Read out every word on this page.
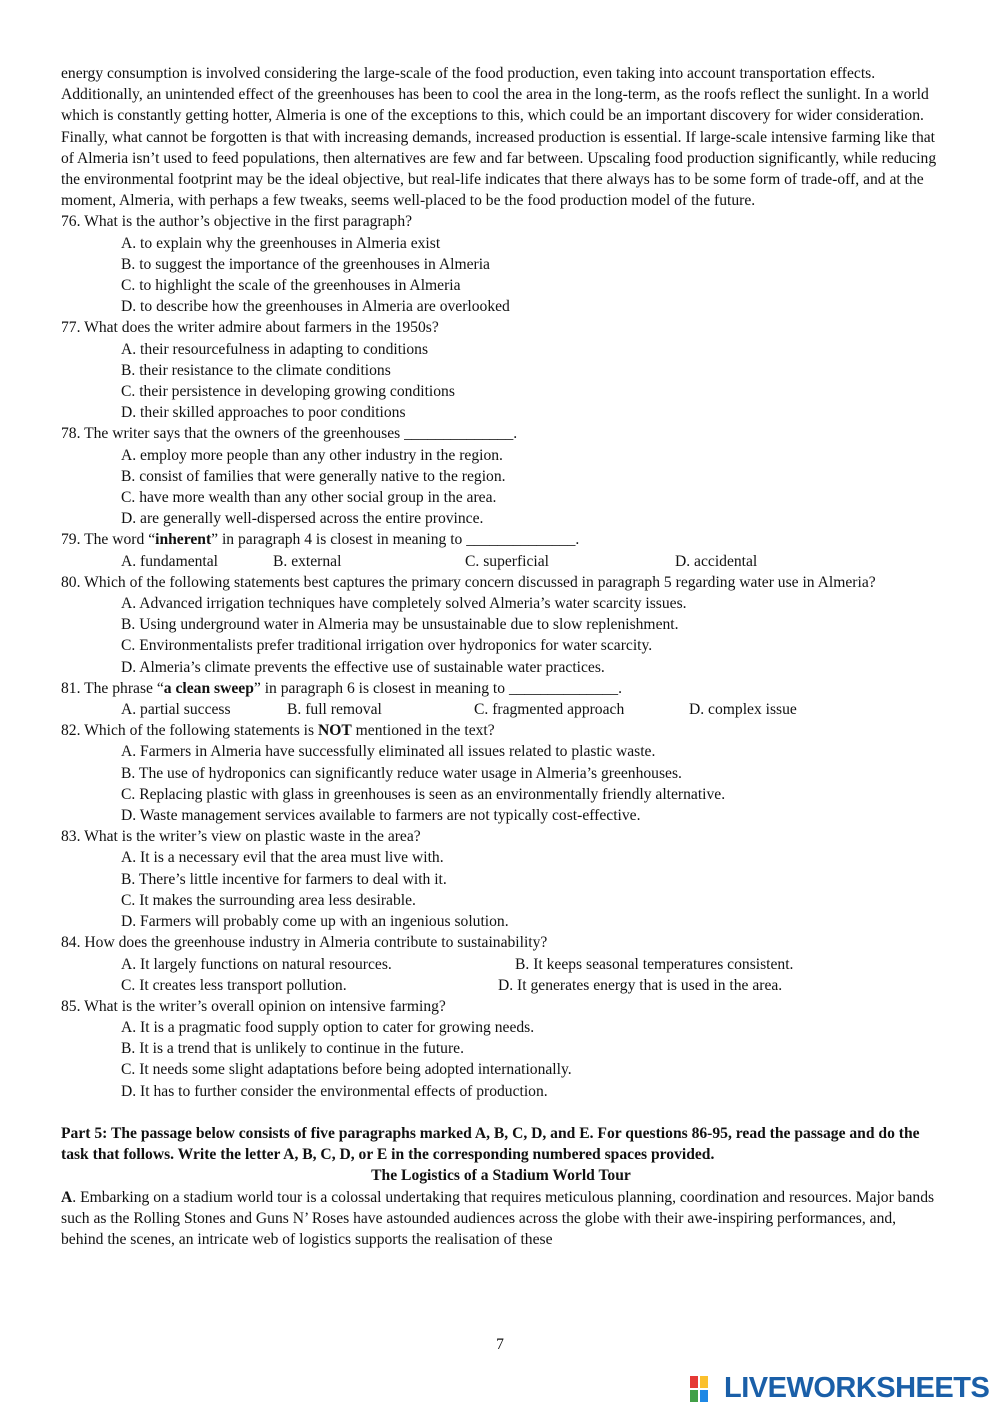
energy consumption is involved considering the large-scale of the food production, even taking into account transportation effects. Additionally, an unintended effect of the greenhouses has been to cool the area in the long-term, as the roofs reflect the sunlight. In a world which is constantly getting hotter, Almeria is one of the exceptions to this, which could be an important discovery for wider consideration.

Finally, what cannot be forgotten is that with increasing demands, increased production is essential. If large-scale intensive farming like that of Almeria isn’t used to feed populations, then alternatives are few and far between. Upscaling food production significantly, while reducing the environmental footprint may be the ideal objective, but real-life indicates that there always has to be some form of trade-off, and at the moment, Almeria, with perhaps a few tweaks, seems well-placed to be the food production model of the future.

76. What is the author’s objective in the first paragraph?

A. to explain why the greenhouses in Almeria exist

B. to suggest the importance of the greenhouses in Almeria

C. to highlight the scale of the greenhouses in Almeria

D. to describe how the greenhouses in Almeria are overlooked

77. What does the writer admire about farmers in the 1950s?

A. their resourcefulness in adapting to conditions

B. their resistance to the climate conditions

C. their persistence in developing growing conditions

D. their skilled approaches to poor conditions

78. The writer says that the owners of the greenhouses ______________.

A. employ more people than any other industry in the region.

B. consist of families that were generally native to the region.

C. have more wealth than any other social group in the area.

D. are generally well-dispersed across the entire province.

79. The word “inherent” in paragraph 4 is closest in meaning to ______________.

A. fundamental	B. external	C. superficial	D. accidental

80. Which of the following statements best captures the primary concern discussed in paragraph 5 regarding water use in Almeria?

A. Advanced irrigation techniques have completely solved Almeria’s water scarcity issues.

B. Using underground water in Almeria may be unsustainable due to slow replenishment.

C. Environmentalists prefer traditional irrigation over hydroponics for water scarcity.

D. Almeria’s climate prevents the effective use of sustainable water practices.

81. The phrase “a clean sweep” in paragraph 6 is closest in meaning to ______________.

A. partial success	B. full removal	C. fragmented approach	D. complex issue

82. Which of the following statements is NOT mentioned in the text?

A. Farmers in Almeria have successfully eliminated all issues related to plastic waste.

B. The use of hydroponics can significantly reduce water usage in Almeria’s greenhouses.

C. Replacing plastic with glass in greenhouses is seen as an environmentally friendly alternative.

D. Waste management services available to farmers are not typically cost-effective.

83. What is the writer’s view on plastic waste in the area?

A. It is a necessary evil that the area must live with.

B. There’s little incentive for farmers to deal with it.

C. It makes the surrounding area less desirable.

D. Farmers will probably come up with an ingenious solution.

84. How does the greenhouse industry in Almeria contribute to sustainability?

A. It largely functions on natural resources.	B. It keeps seasonal temperatures consistent.
C. It creates less transport pollution.	D. It generates energy that is used in the area.

85. What is the writer’s overall opinion on intensive farming?

A. It is a pragmatic food supply option to cater for growing needs.

B. It is a trend that is unlikely to continue in the future.

C. It needs some slight adaptations before being adopted internationally.

D. It has to further consider the environmental effects of production.

Part 5: The passage below consists of five paragraphs marked A, B, C, D, and E. For questions 86-95, read the passage and do the task that follows. Write the letter A, B, C, D, or E in the corresponding numbered spaces provided.

The Logistics of a Stadium World Tour

A. Embarking on a stadium world tour is a colossal undertaking that requires meticulous planning, coordination and resources. Major bands such as the Rolling Stones and Guns N’ Roses have astounded audiences across the globe with their awe-inspiring performances, and, behind the scenes, an intricate web of logistics supports the realisation of these

7
LIVEWORKSHEETS
